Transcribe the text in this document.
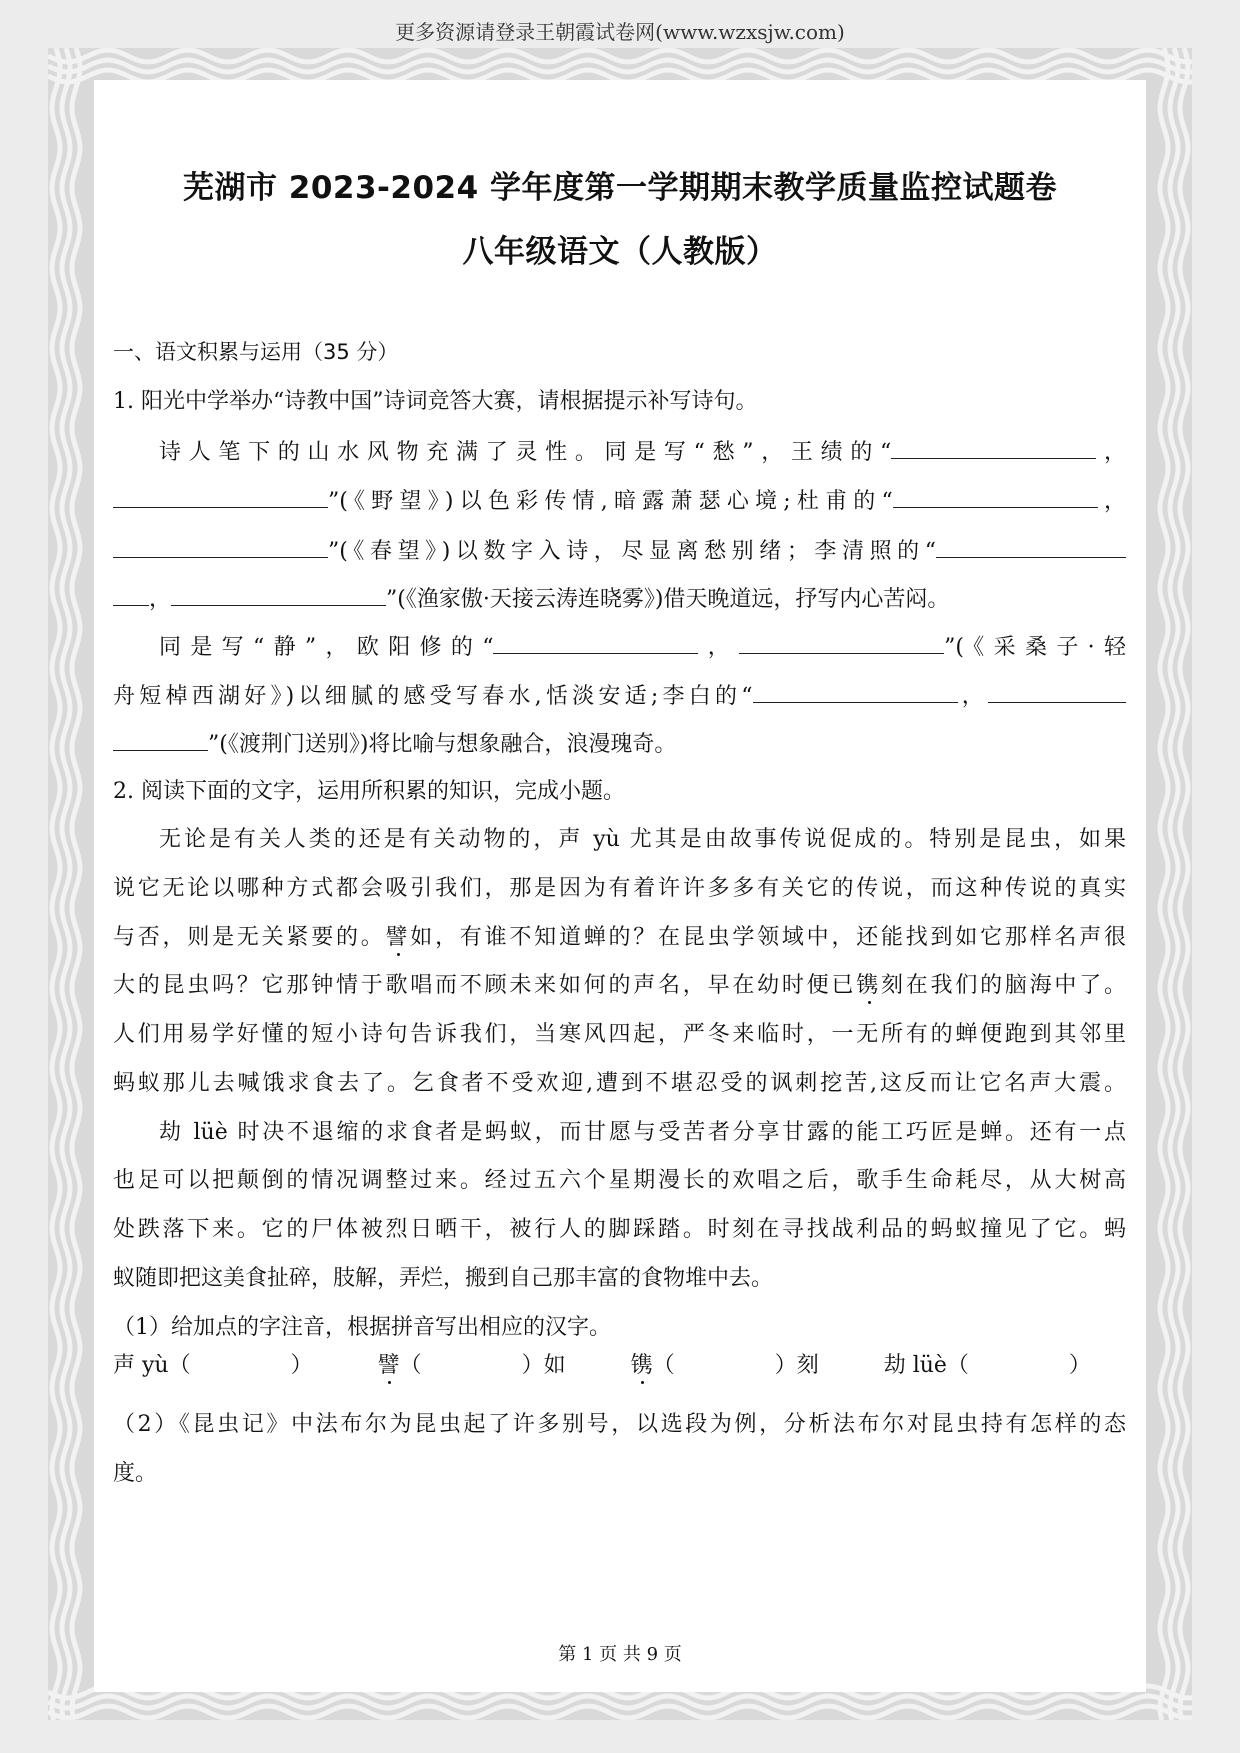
更多资源请登录王朝霞试卷网(www.wzxsjw.com)
芜湖市 2023-2024 学年度第一学期期末教学质量监控试题卷
八年级语文（人教版）
一、语文积累与运用（35 分）
1. 阳光中学举办“诗教中国”诗词竞答大赛，请根据提示补写诗句。
诗人笔下的山水风物充满了灵性。同是写“愁”，王绩的“	，
”(《野望》)以色彩传情,暗露萧瑟心境;杜甫的“	，
”(《春望》)以数字入诗，尽显离愁别绪；李清照的“
，	”(《渔家傲·天接云涛连晓雾》)借天晚道远，抒写内心苦闷。
同是写“静”，欧阳修的“	，	”(《采桑子·轻
舟短棹西湖好》)以细腻的感受写春水,恬淡安适;李白的“	，
”(《渡荆门送别》)将比喻与想象融合，浪漫瑰奇。
2. 阅读下面的文字，运用所积累的知识，完成小题。
无论是有关人类的还是有关动物的，声 yù 尤其是由故事传说促成的。特别是昆虫，如果
说它无论以哪种方式都会吸引我们，那是因为有着许许多多有关它的传说，而这种传说的真实
与否，则是无关紧要的。譬如，有谁不知道蝉的？在昆虫学领域中，还能找到如它那样名声很
大的昆虫吗？它那钟情于歌唱而不顾未来如何的声名，早在幼时便已镌刻在我们的脑海中了。
人们用易学好懂的短小诗句告诉我们，当寒风四起，严冬来临时，一无所有的蝉便跑到其邻里
蚂蚁那儿去喊饿求食去了。乞食者不受欢迎,遭到不堪忍受的讽刺挖苦,这反而让它名声大震。
劫 lüè 时决不退缩的求食者是蚂蚁，而甘愿与受苦者分享甘露的能工巧匠是蝉。还有一点
也足可以把颠倒的情况调整过来。经过五六个星期漫长的欢唱之后，歌手生命耗尽，从大树高
处跌落下来。它的尸体被烈日晒干，被行人的脚踩踏。时刻在寻找战利品的蚂蚁撞见了它。蚂
蚁随即把这美食扯碎，肢解，弄烂，搬到自己那丰富的食物堆中去。
（1）给加点的字注音，根据拼音写出相应的汉字。
声 yù（	）	譬（	）如	镌（	）刻	劫 lüè（	）
（2）《昆虫记》中法布尔为昆虫起了许多别号，以选段为例，分析法布尔对昆虫持有怎样的态
度。
第 1 页 共 9 页
